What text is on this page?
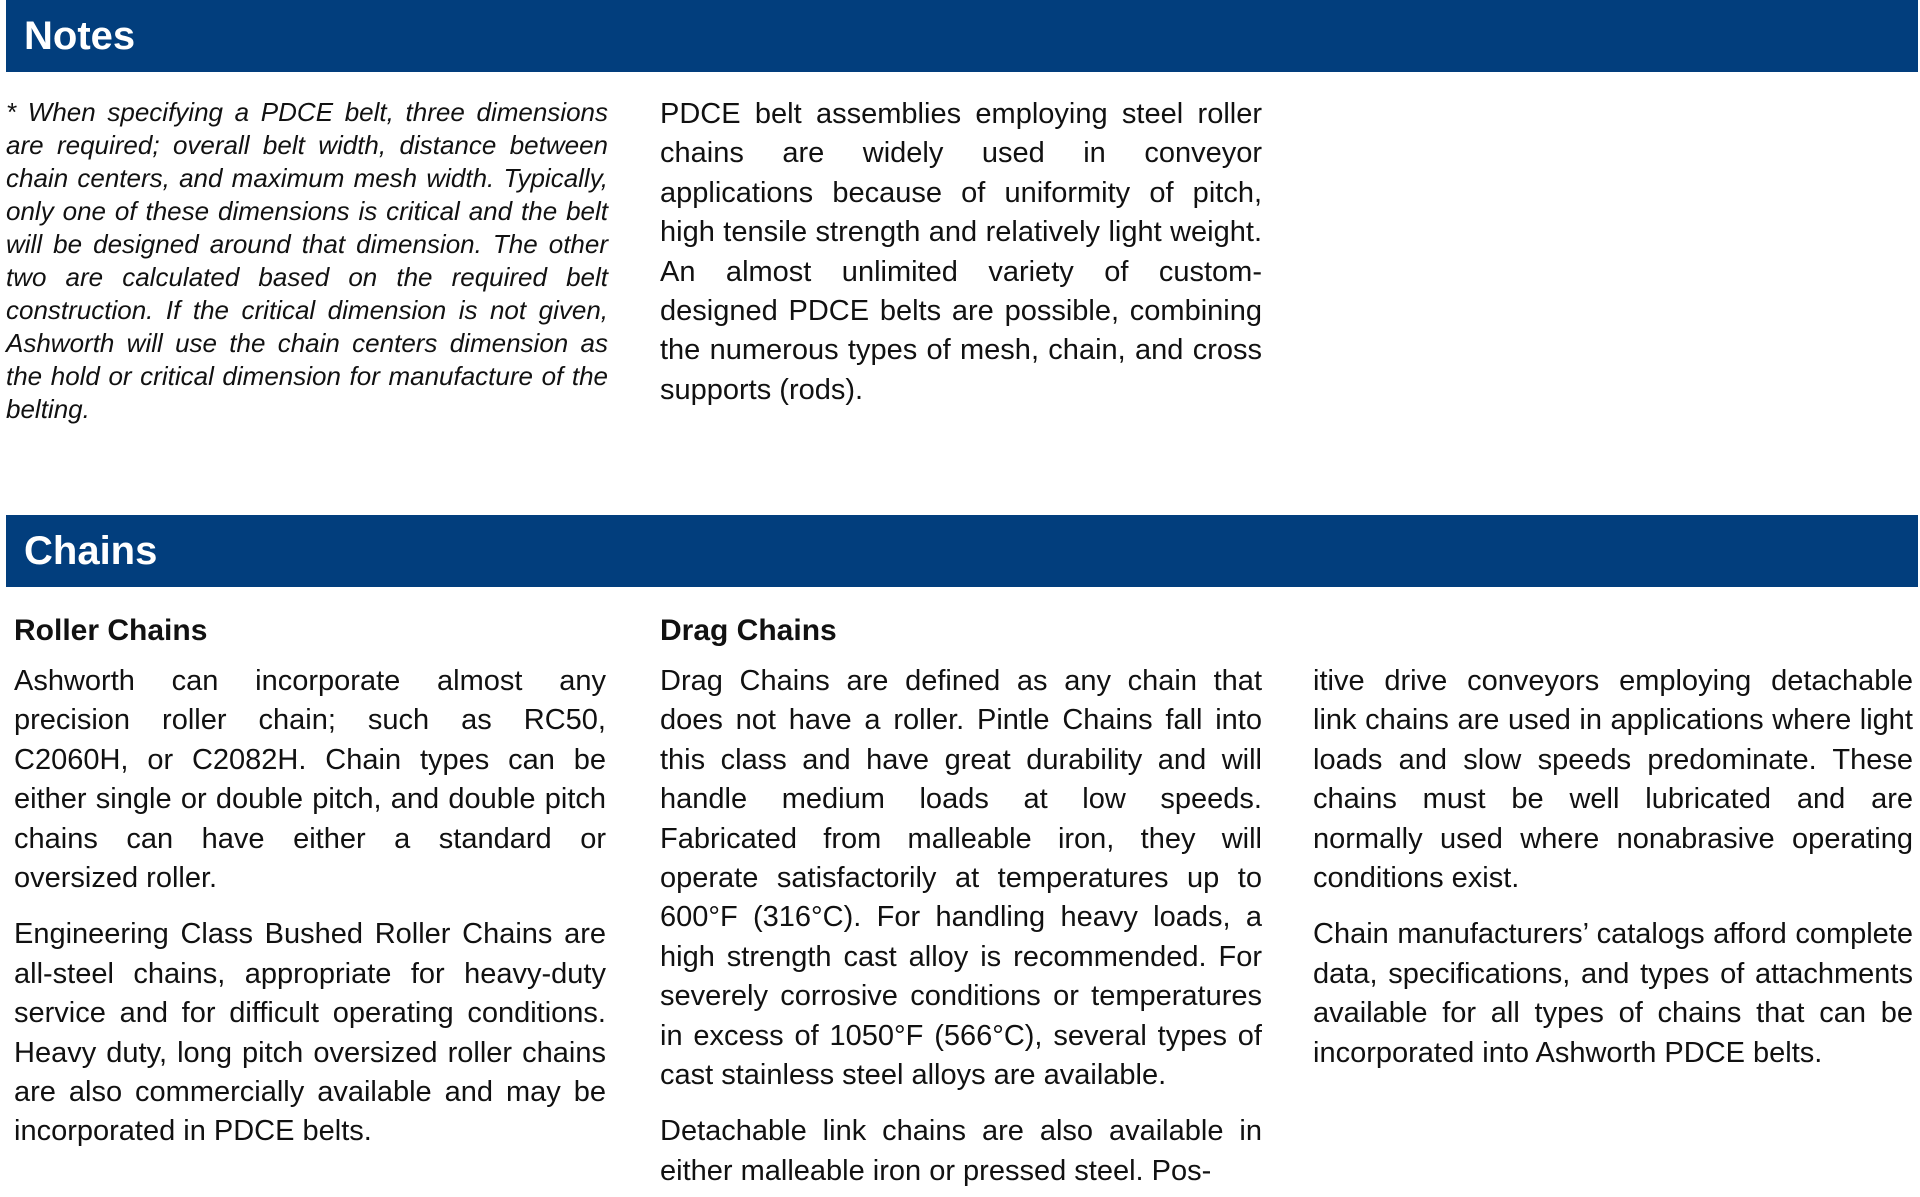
Notes

* When specifying a PDCE belt, three dimensions are required; overall belt width, distance between chain centers, and maximum mesh width. Typically, only one of these dimensions is critical and the belt will be designed around that dimension. The other two are calculated based on the required belt construction. If the critical dimension is not given, Ashworth will use the chain centers dimension as the hold or critical dimension for manufacture of the belting.

PDCE belt assemblies employing steel roller chains are widely used in conveyor applications because of uniformity of pitch, high tensile strength and relatively light weight. An almost unlimited variety of custom-designed PDCE belts are possible, combining the numerous types of mesh, chain, and cross supports (rods).

Chains
Roller Chains

Ashworth can incorporate almost any precision roller chain; such as RC50, C2060H, or C2082H. Chain types can be either single or double pitch, and double pitch chains can have either a standard or oversized roller.

Engineering Class Bushed Roller Chains are all-steel chains, appropriate for heavy-duty service and for difficult operating conditions. Heavy duty, long pitch oversized roller chains are also commercially available and may be incorporated in PDCE belts.

Drag Chains

Drag Chains are defined as any chain that does not have a roller. Pintle Chains fall into this class and have great durability and will handle medium loads at low speeds. Fabricated from malleable iron, they will operate satisfactorily at temperatures up to 600°F (316°C). For handling heavy loads, a high strength cast alloy is recommended. For severely corrosive conditions or temperatures in excess of 1050°F (566°C), several types of cast stainless steel alloys are available.

Detachable link chains are also available in either malleable iron or pressed steel. Pos-

itive drive conveyors employing detachable link chains are used in applications where light loads and slow speeds predominate. These chains must be well lubricated and are normally used where nonabrasive operating conditions exist.

Chain manufacturers’ catalogs afford complete data, specifications, and types of attachments available for all types of chains that can be incorporated into Ashworth PDCE belts.
